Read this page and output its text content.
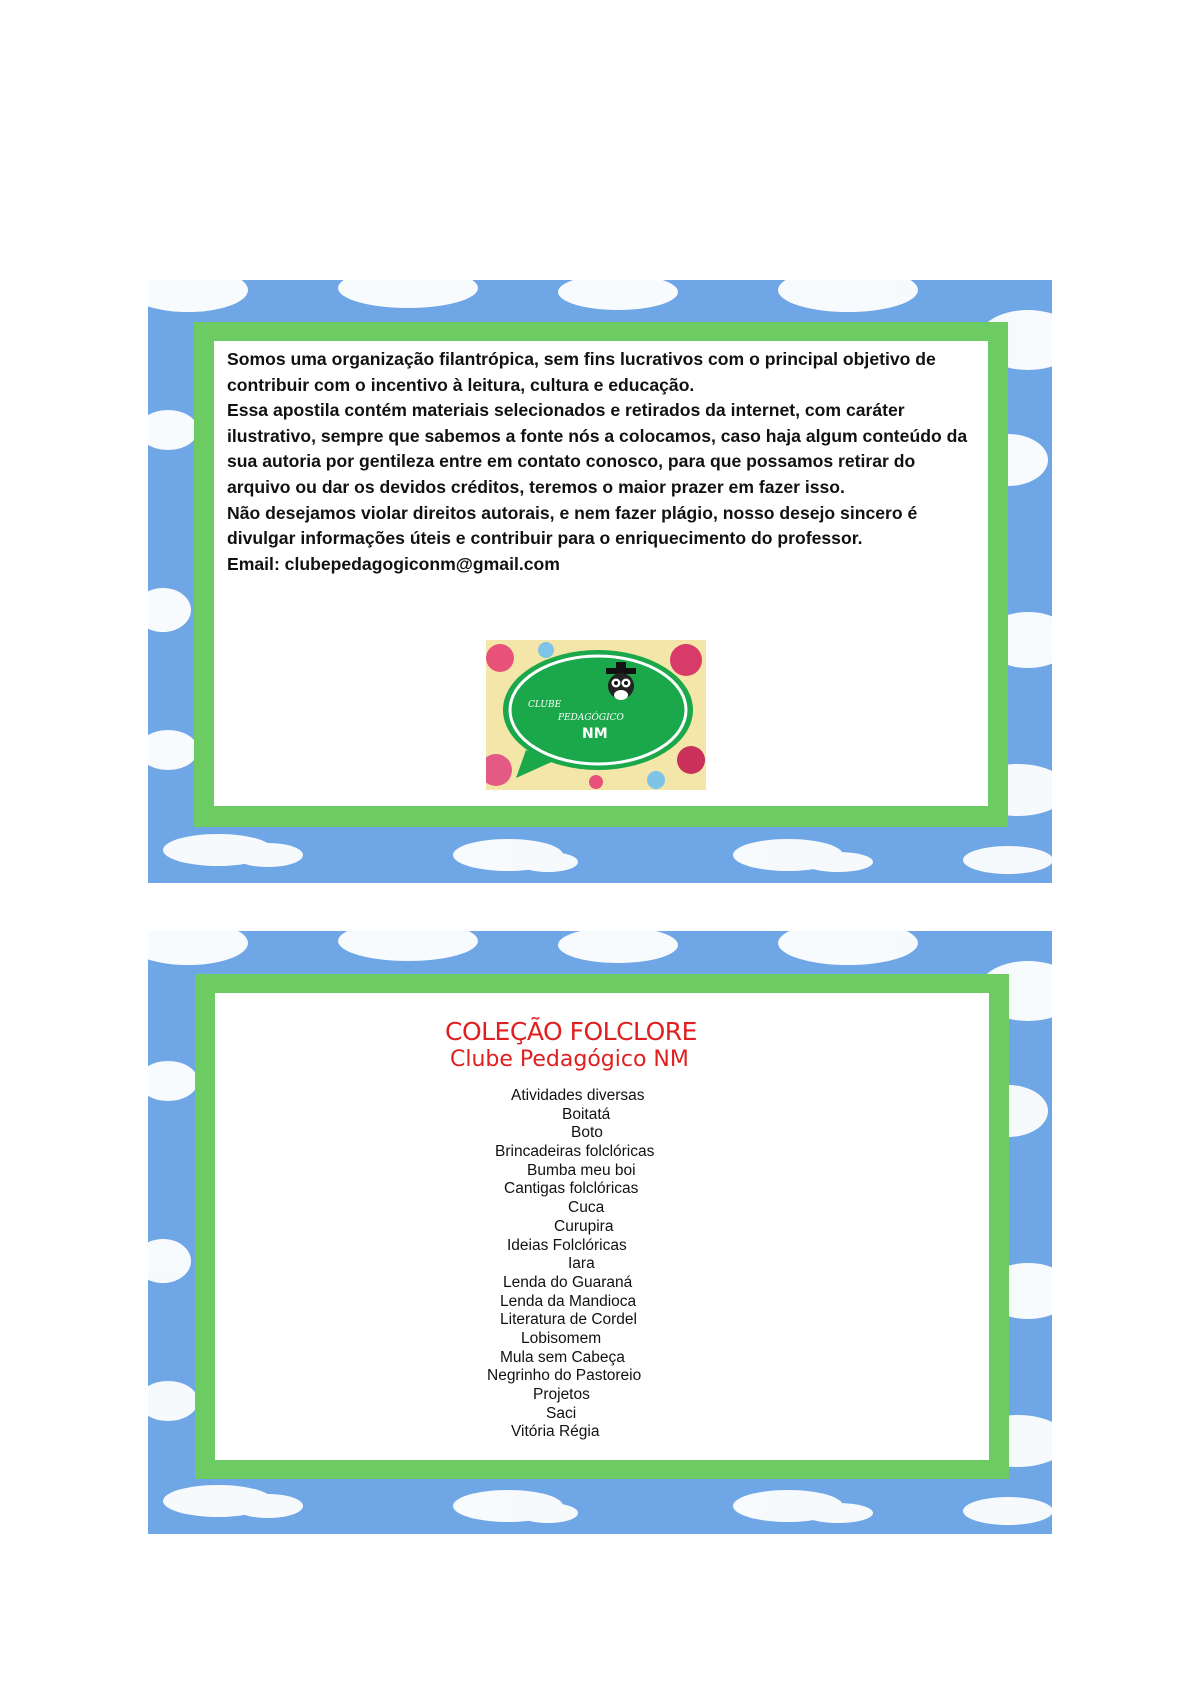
Somos uma organização filantrópica, sem fins lucrativos com o principal objetivo de contribuir com o incentivo à leitura, cultura e educação.

Essa apostila contém materiais selecionados e retirados da internet, com caráter ilustrativo, sempre que sabemos a fonte nós a colocamos, caso haja algum conteúdo da sua autoria por gentileza entre em contato conosco, para que possamos retirar do arquivo ou dar os devidos créditos, teremos o maior prazer em fazer isso.

Não desejamos violar direitos autorais, e nem fazer plágio, nosso desejo sincero é divulgar informações úteis e contribuir para o enriquecimento do professor.

Email: clubepedagogiconm@gmail.com

CLUBE
PEDAGÓGICO
NM
COLEÇÃO FOLCLORE
Clube Pedagógico NM
Atividades diversas
Boitatá
Boto
Brincadeiras folclóricas
Bumba meu boi
Cantigas folclóricas
Cuca
Curupira
Ideias Folclóricas
Iara
Lenda do Guaraná
Lenda da Mandioca
Literatura de Cordel
Lobisomem
Mula sem Cabeça
Negrinho do Pastoreio
Projetos
Saci
Vitória Régia
